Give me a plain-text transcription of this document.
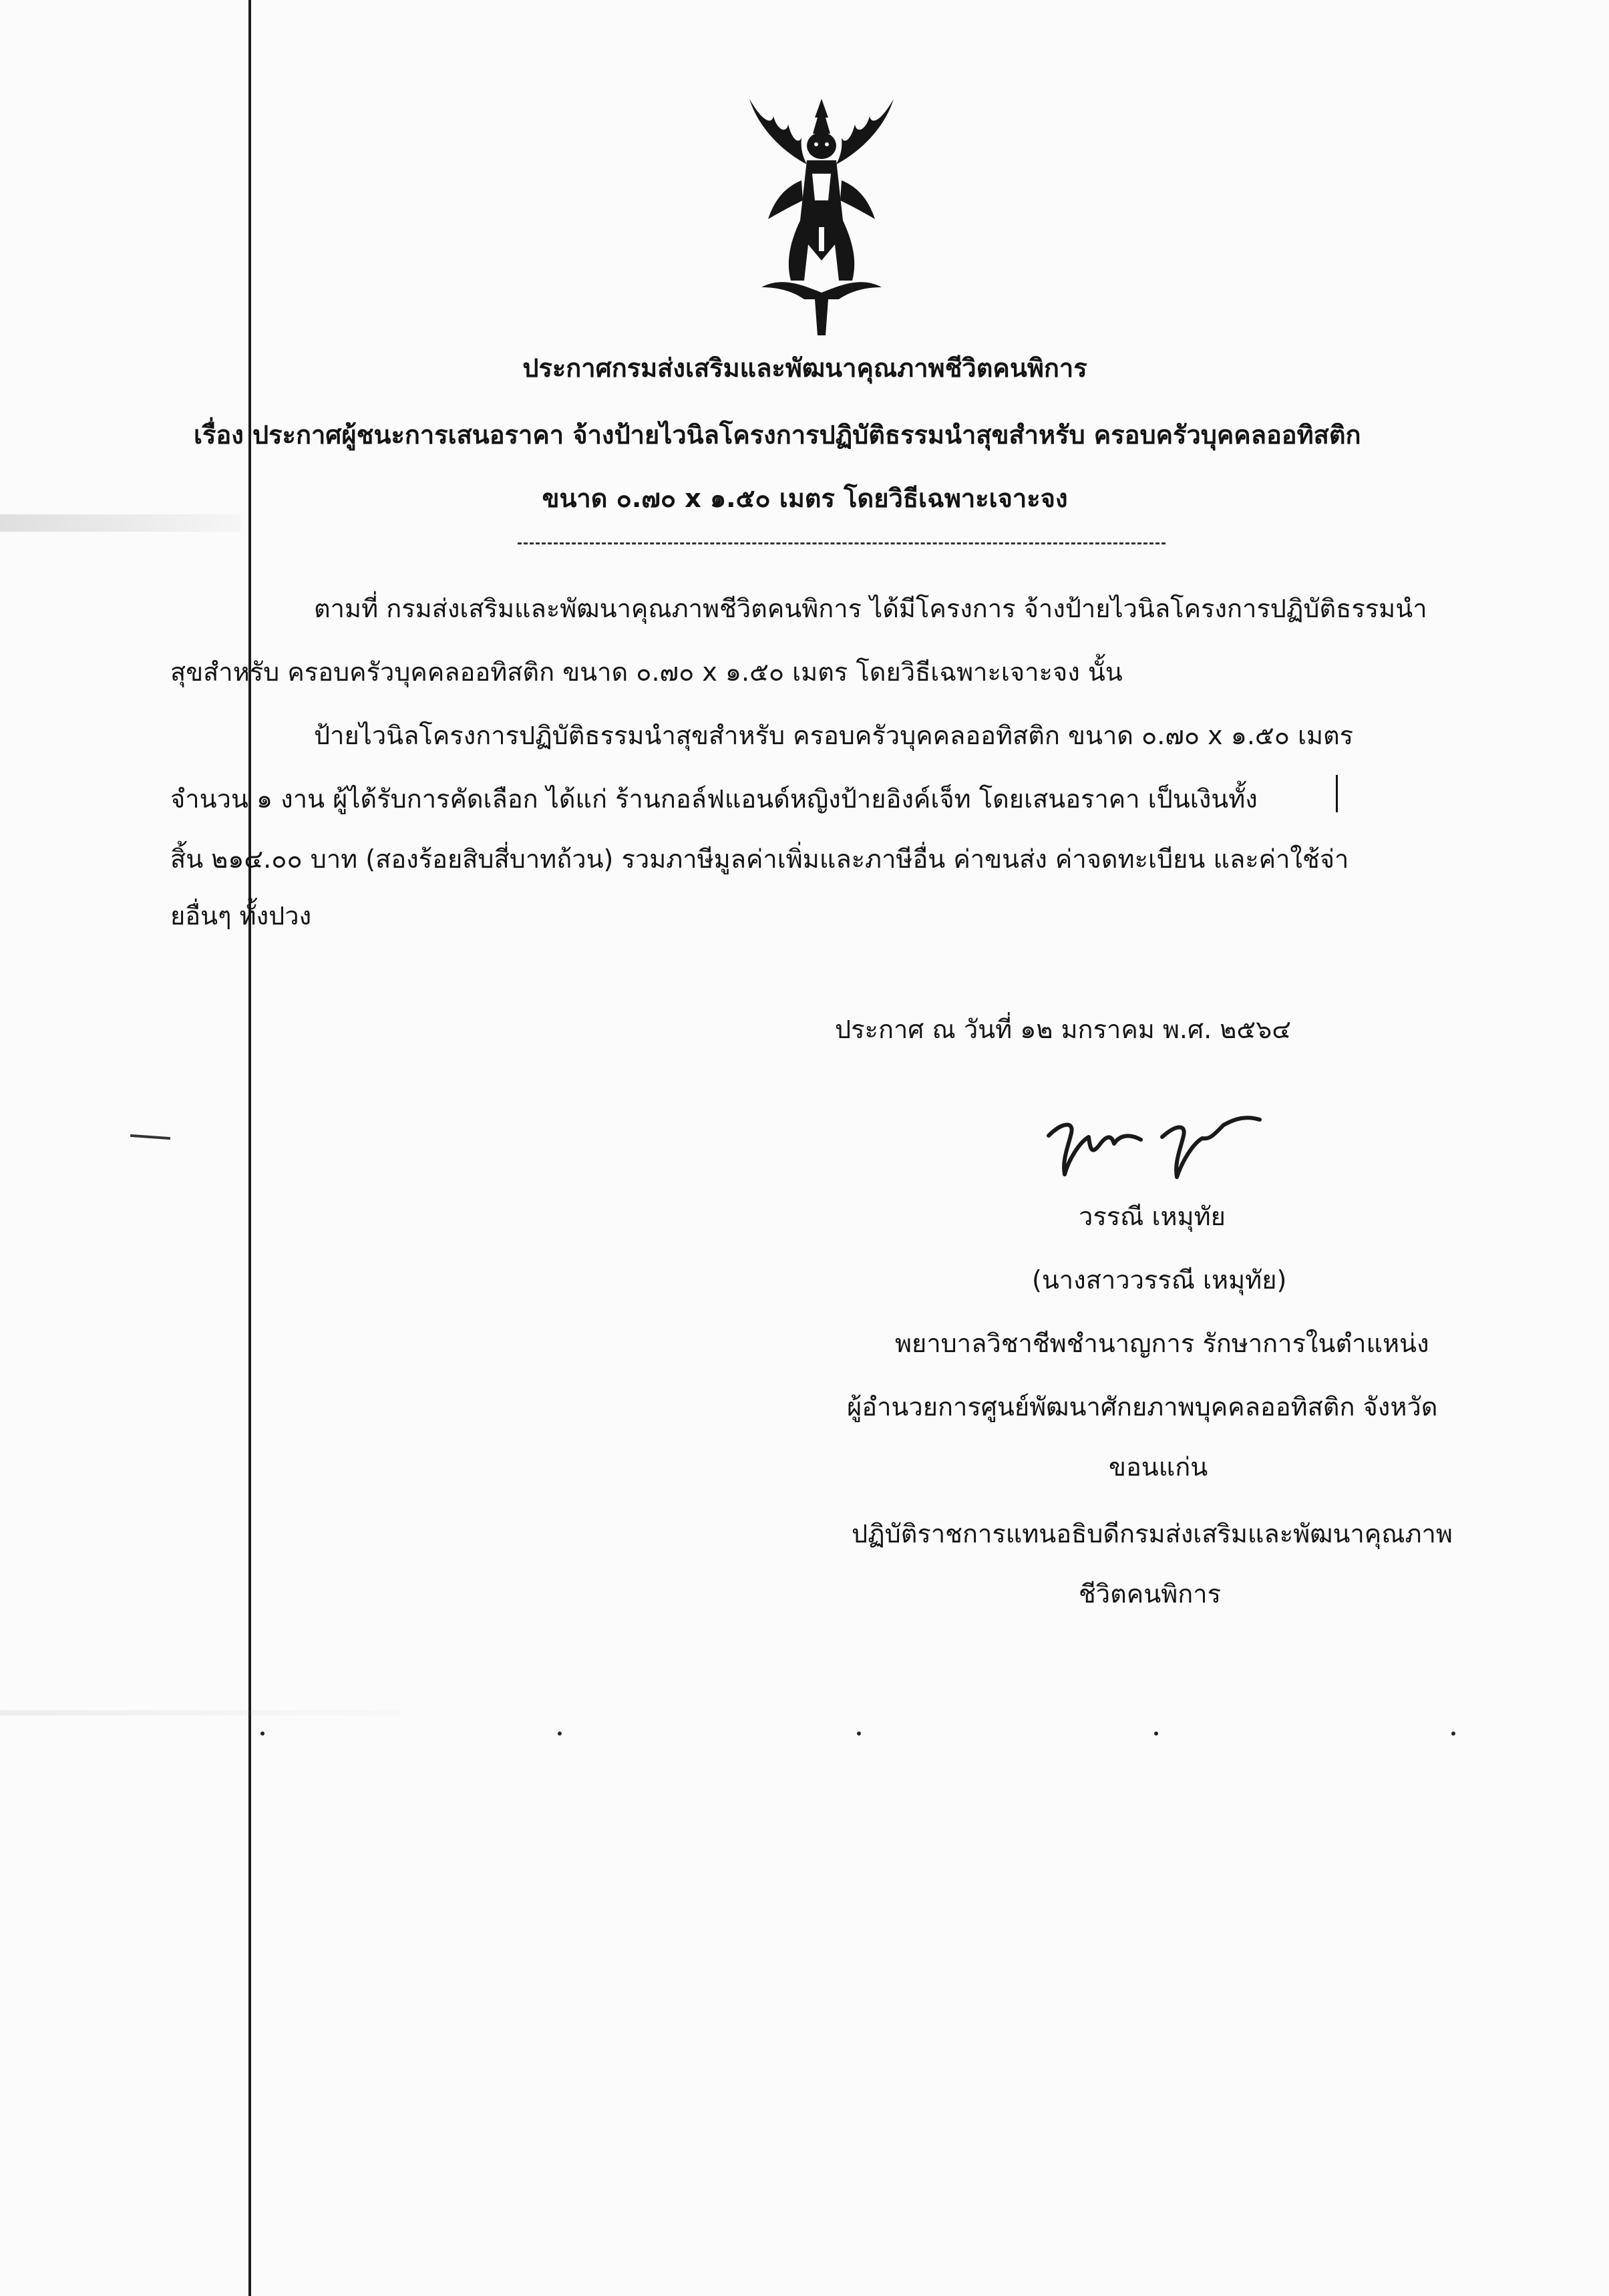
ประกาศกรมส่งเสริมและพัฒนาคุณภาพชีวิตคนพิการ
เรื่อง ประกาศผู้ชนะการเสนอราคา จ้างป้ายไวนิลโครงการปฏิบัติธรรมนำสุขสำหรับ ครอบครัวบุคคลออทิสติก
ขนาด ๐.๗๐ x ๑.๕๐ เมตร โดยวิธีเฉพาะเจาะจง
ตามที่ กรมส่งเสริมและพัฒนาคุณภาพชีวิตคนพิการ ได้มีโครงการ จ้างป้ายไวนิลโครงการปฏิบัติธรรมนำ
สุขสำหรับ ครอบครัวบุคคลออทิสติก ขนาด ๐.๗๐ x ๑.๕๐ เมตร โดยวิธีเฉพาะเจาะจง นั้น
ป้ายไวนิลโครงการปฏิบัติธรรมนำสุขสำหรับ ครอบครัวบุคคลออทิสติก ขนาด ๐.๗๐ x ๑.๕๐ เมตร
จำนวน ๑ งาน ผู้ได้รับการคัดเลือก ได้แก่ ร้านกอล์ฟแอนด์หญิงป้ายอิงค์เจ็ท โดยเสนอราคา เป็นเงินทั้ง
สิ้น ๒๑๔.๐๐ บาท (สองร้อยสิบสี่บาทถ้วน) รวมภาษีมูลค่าเพิ่มและภาษีอื่น ค่าขนส่ง ค่าจดทะเบียน และค่าใช้จ่า
ยอื่นๆ ทั้งปวง
ประกาศ ณ วันที่ ๑๒ มกราคม พ.ศ. ๒๕๖๔
วรรณี เหมุทัย
(นางสาววรรณี เหมุทัย)
พยาบาลวิชาชีพชำนาญการ รักษาการในตำแหน่ง
ผู้อำนวยการศูนย์พัฒนาศักยภาพบุคคลออทิสติก จังหวัด
ขอนแก่น
ปฏิบัติราชการแทนอธิบดีกรมส่งเสริมและพัฒนาคุณภาพ
ชีวิตคนพิการ
